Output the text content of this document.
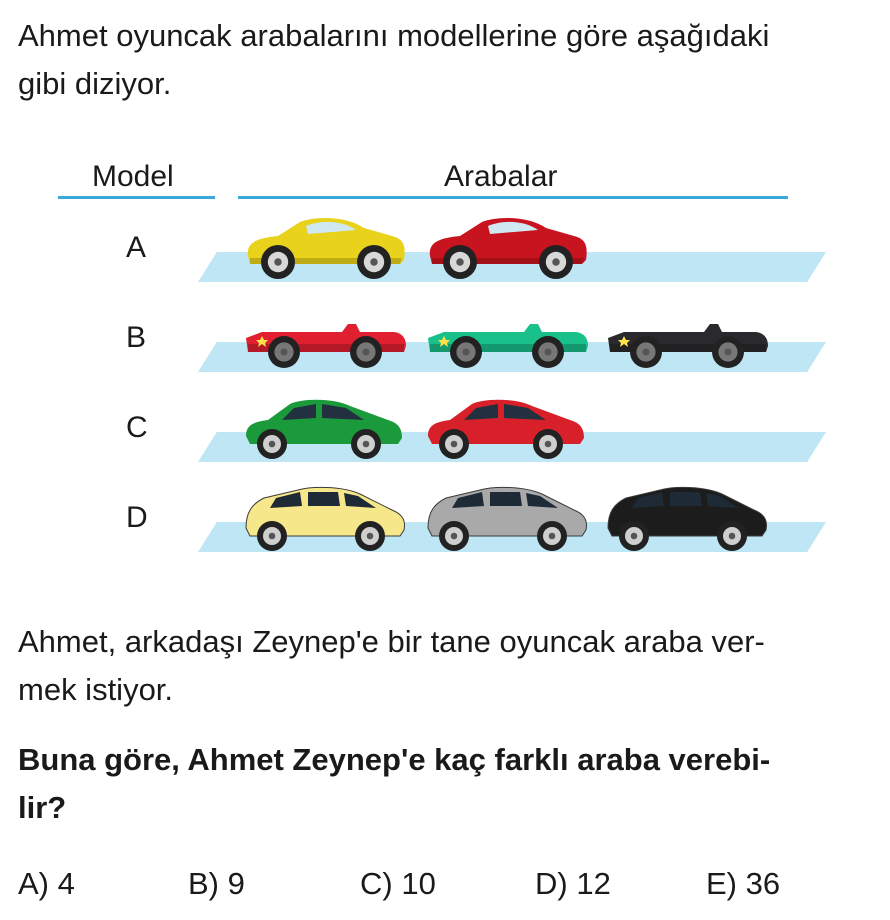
Ahmet oyuncak arabalarını modellerine göre aşağıdaki
gibi diziyor.

Model	Arabalar
A
B
C
D

Ahmet, arkadaşı Zeynep'e bir tane oyuncak araba ver-
mek istiyor.

Buna göre, Ahmet Zeynep'e kaç farklı araba verebi-
lir?

A) 4	B) 9	C) 10	D) 12	E) 36
